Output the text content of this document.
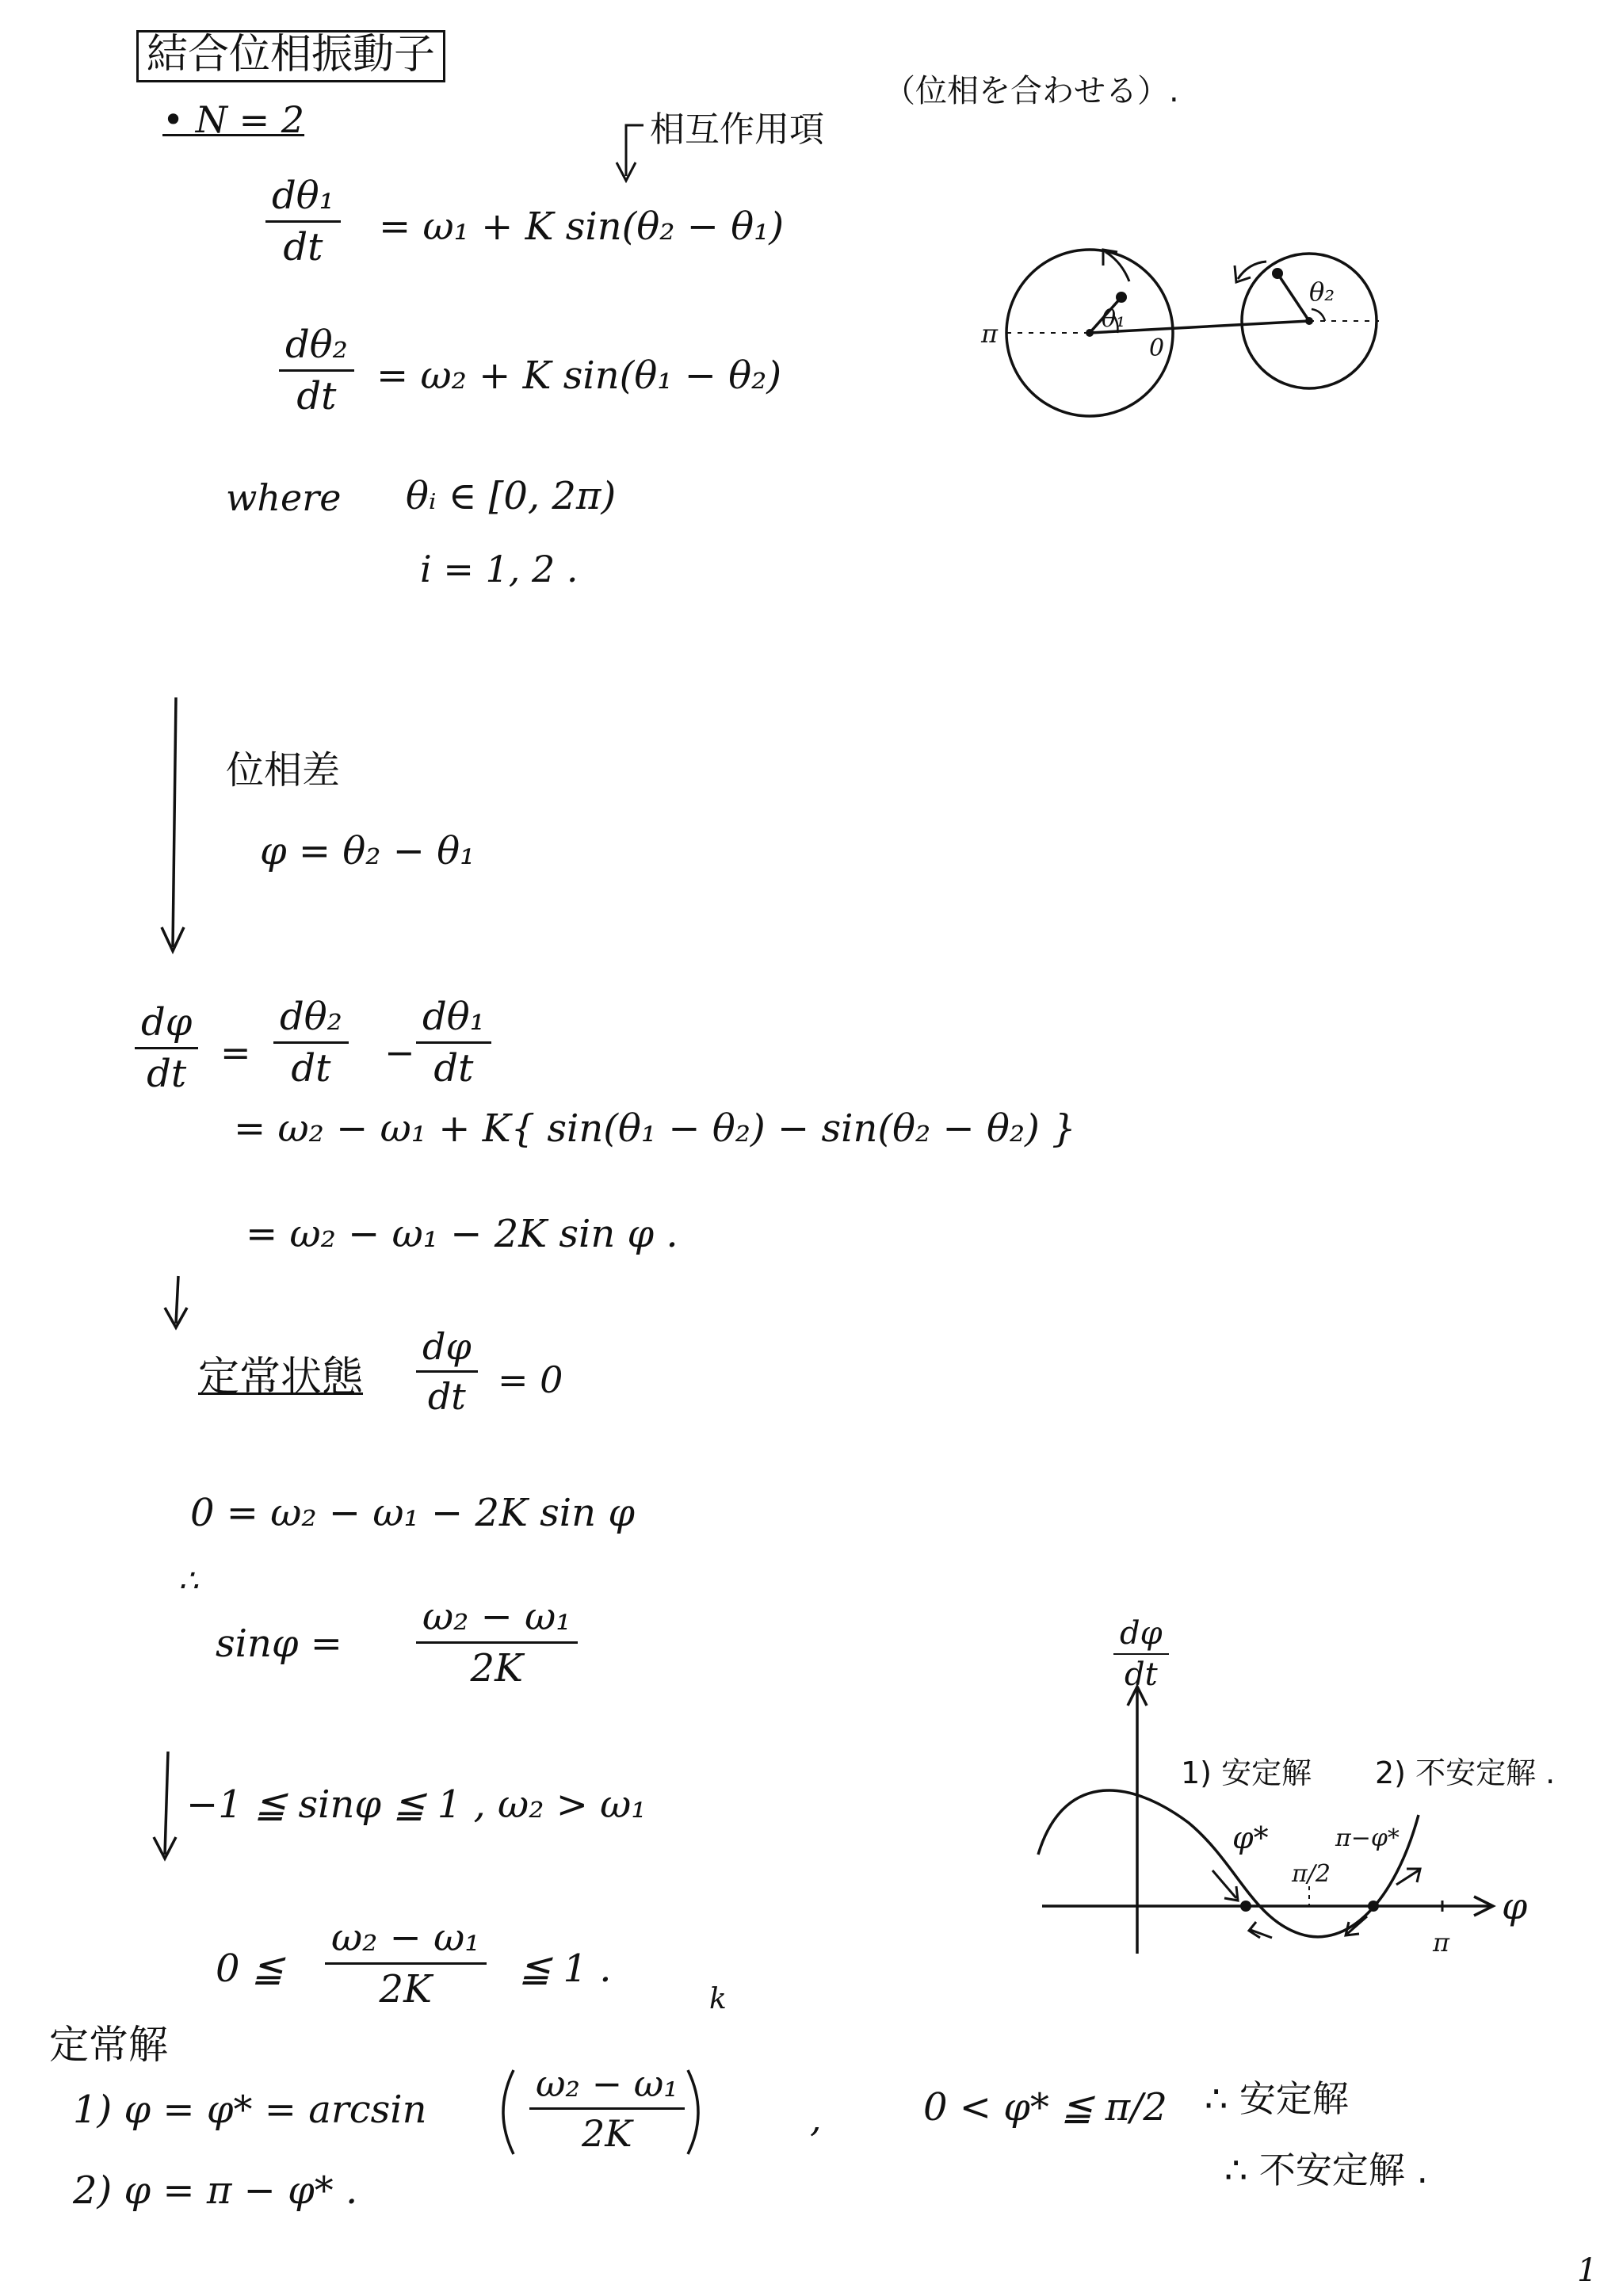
結合位相振動子
• N = 2	相互作用項
（位相を合わせる）.
dθ₁
dt = ω₁ + K sin(θ₂ − θ₁)
dθ₂
dt = ω₂ + K sin(θ₁ − θ₂)
where θᵢ ∈ [0, 2π)
i = 1, 2 .
θ₁
θ₂
π	0
位相差
φ = θ₂ − θ₁
dφ
dt =
dθ₂
dt −
dθ₁
dt
= ω₂ − ω₁ + K{ sin(θ₁ − θ₂) − sin(θ₂ − θ₂) }
= ω₂ − ω₁ − 2K sin φ .
定常状態
dφ
dt = 0
0 = ω₂ − ω₁ − 2K sin φ
∴
sinφ =
ω₂ − ω₁
2K
−1 ≦ sinφ ≦ 1 , ω₂ > ω₁
0 ≦
ω₂ − ω₁
2K ≦ 1 .
k
定常解
1) φ = φ* = arcsin
ω₂ − ω₁
2K	,	0 < φ* ≦ π/2 ∴ 安定解
2) φ = π − φ* .	∴ 不安定解 .
dφ
dt
φ
1) 安定解 2) 不安定解 .
φ*	π−φ*
π/2
π
1
